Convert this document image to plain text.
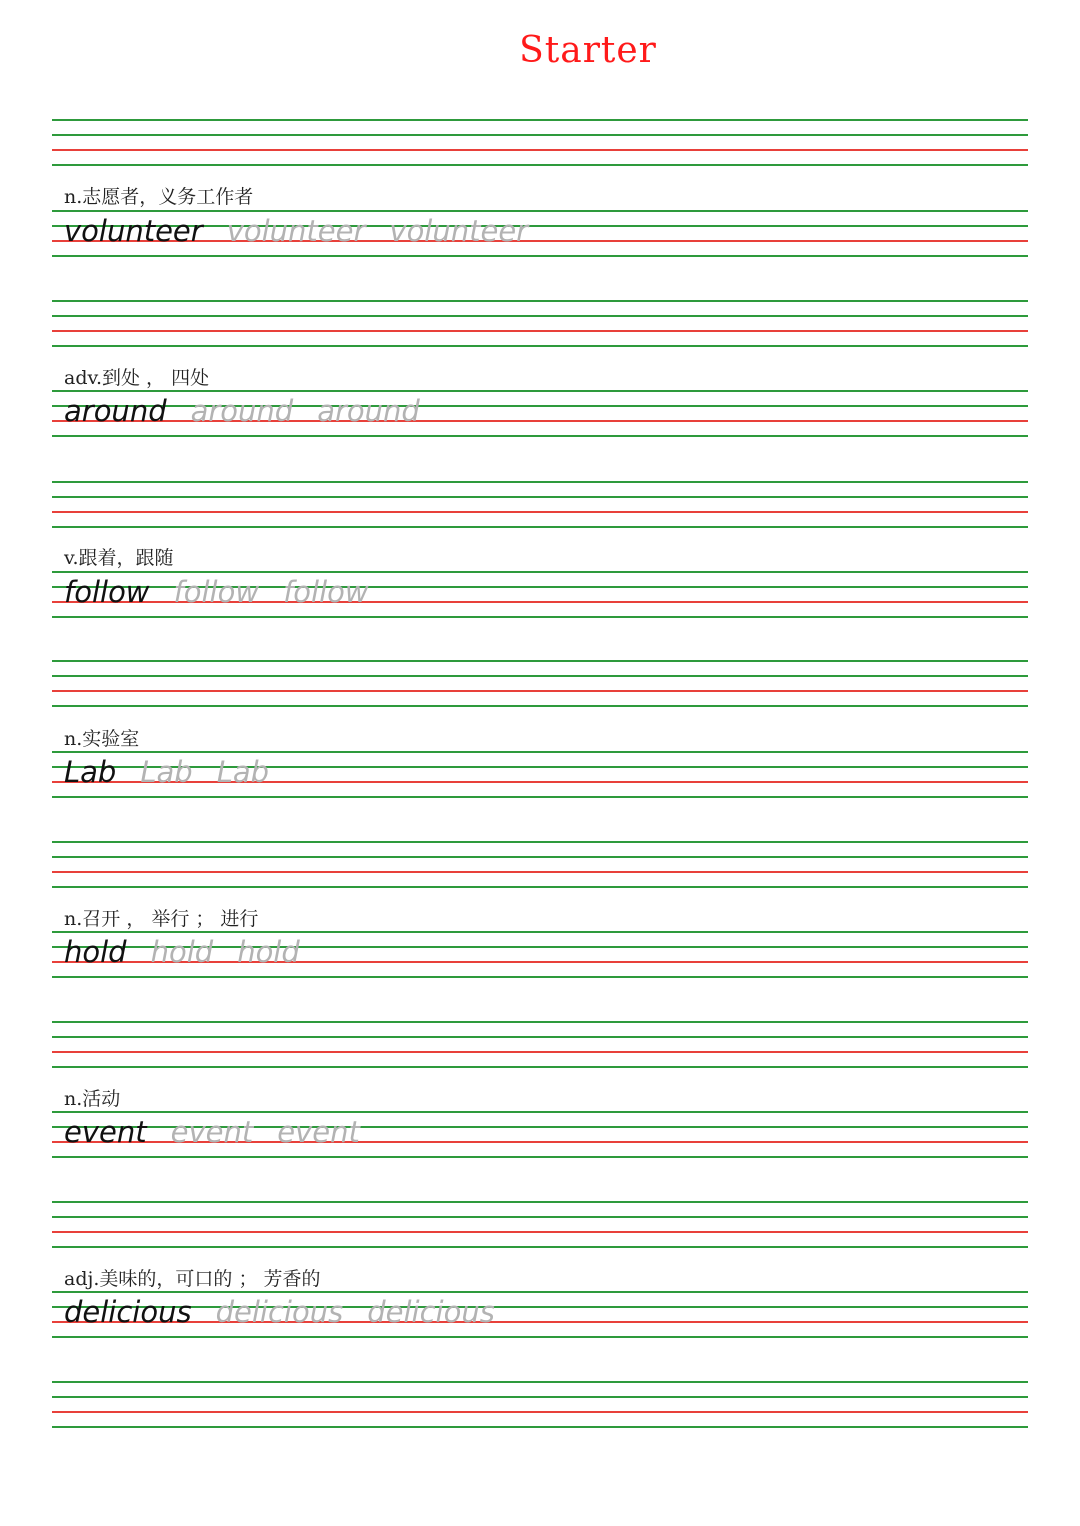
Starter
n.志愿者，义务工作者
volunteer volunteer volunteer
adv.到处 ， 四处
around around around
v.跟着，跟随
follow follow follow
n.实验室
Lab Lab Lab
n.召开 ， 举行 ； 进行
hold hold hold
n.活动
event event event
adj.美味的，可口的 ； 芳香的
delicious delicious delicious
